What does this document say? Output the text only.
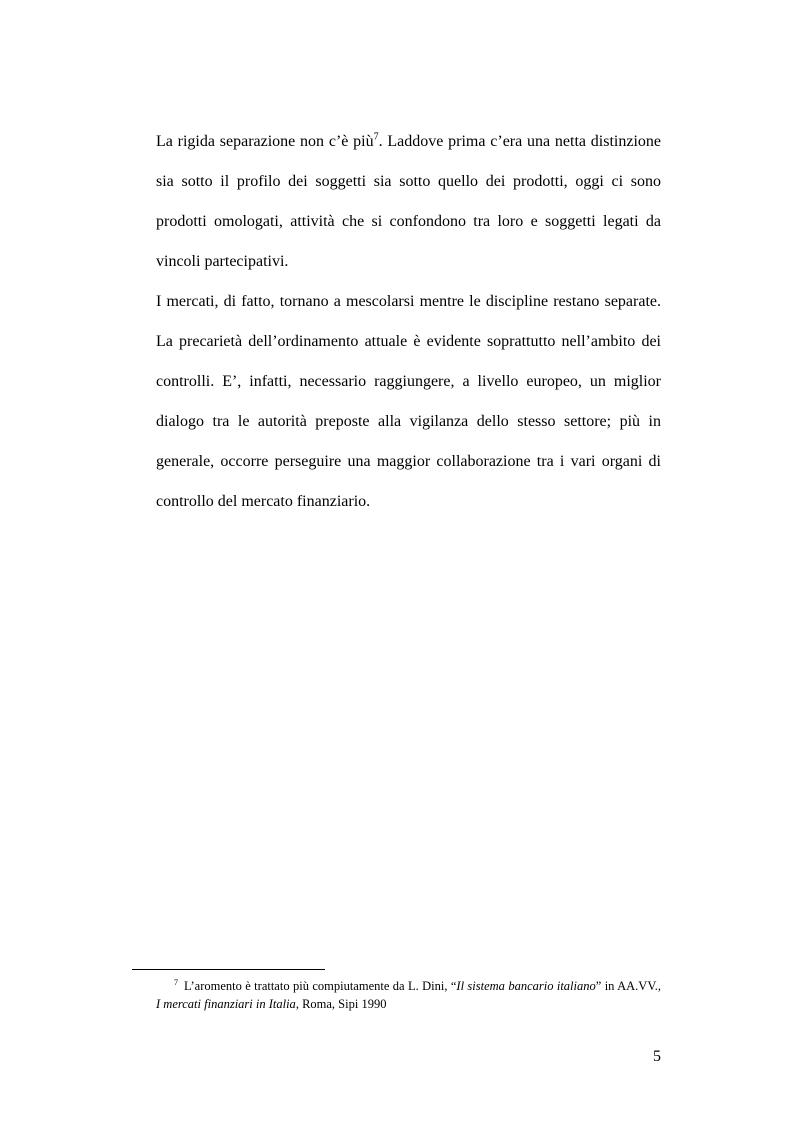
La rigida separazione non c’è più$^7$. Laddove prima c’era una netta distinzione sia sotto il profilo dei soggetti sia sotto quello dei prodotti, oggi ci sono prodotti omologati, attività che si confondono tra loro e soggetti legati da vincoli partecipativi.

I mercati, di fatto, tornano a mescolarsi mentre le discipline restano separate. La precarietà dell’ordinamento attuale è evidente soprattutto nell’ambito dei controlli. E’, infatti, necessario raggiungere, a livello europeo, un miglior dialogo tra le autorità preposte alla vigilanza dello stesso settore; più in generale, occorre perseguire una maggior collaborazione tra i vari organi di controllo del mercato finanziario.

$^7$ L’aromento è trattato più compiutamente da L. Dini, “Il sistema bancario italiano” in AA.VV., I mercati finanziari in Italia, Roma, Sipi 1990
5
